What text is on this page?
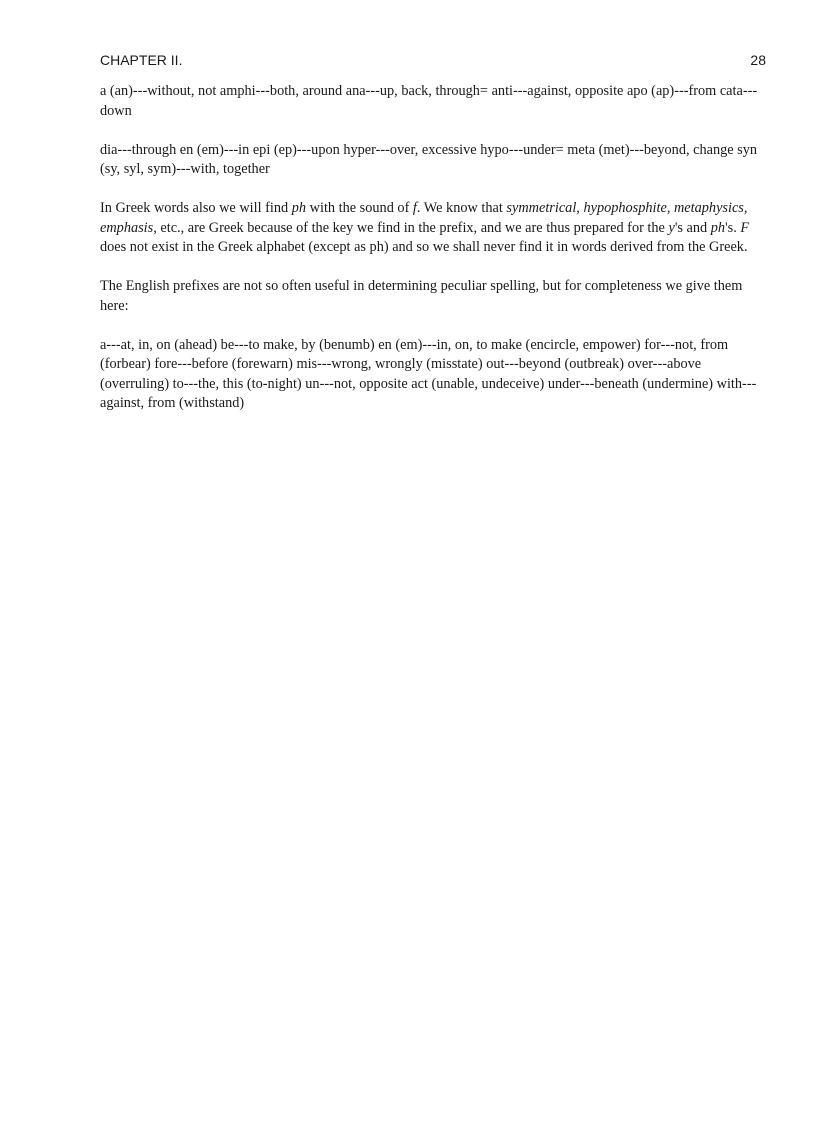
CHAPTER II.	28

a (an)---without, not amphi---both, around ana---up, back, through= anti---against, opposite apo (ap)---from cata---down

dia---through en (em)---in epi (ep)---upon hyper---over, excessive hypo---under= meta (met)---beyond, change syn (sy, syl, sym)---with, together

In Greek words also we will find ph with the sound of f. We know that symmetrical, hypophosphite, metaphysics, emphasis, etc., are Greek because of the key we find in the prefix, and we are thus prepared for the y's and ph's. F does not exist in the Greek alphabet (except as ph) and so we shall never find it in words derived from the Greek.

The English prefixes are not so often useful in determining peculiar spelling, but for completeness we give them here:

a---at, in, on (ahead) be---to make, by (benumb) en (em)---in, on, to make (encircle, empower) for---not, from (forbear) fore---before (forewarn) mis---wrong, wrongly (misstate) out---beyond (outbreak) over---above (overruling) to---the, this (to-night) un---not, opposite act (unable, undeceive) under---beneath (undermine) with---against, from (withstand)
